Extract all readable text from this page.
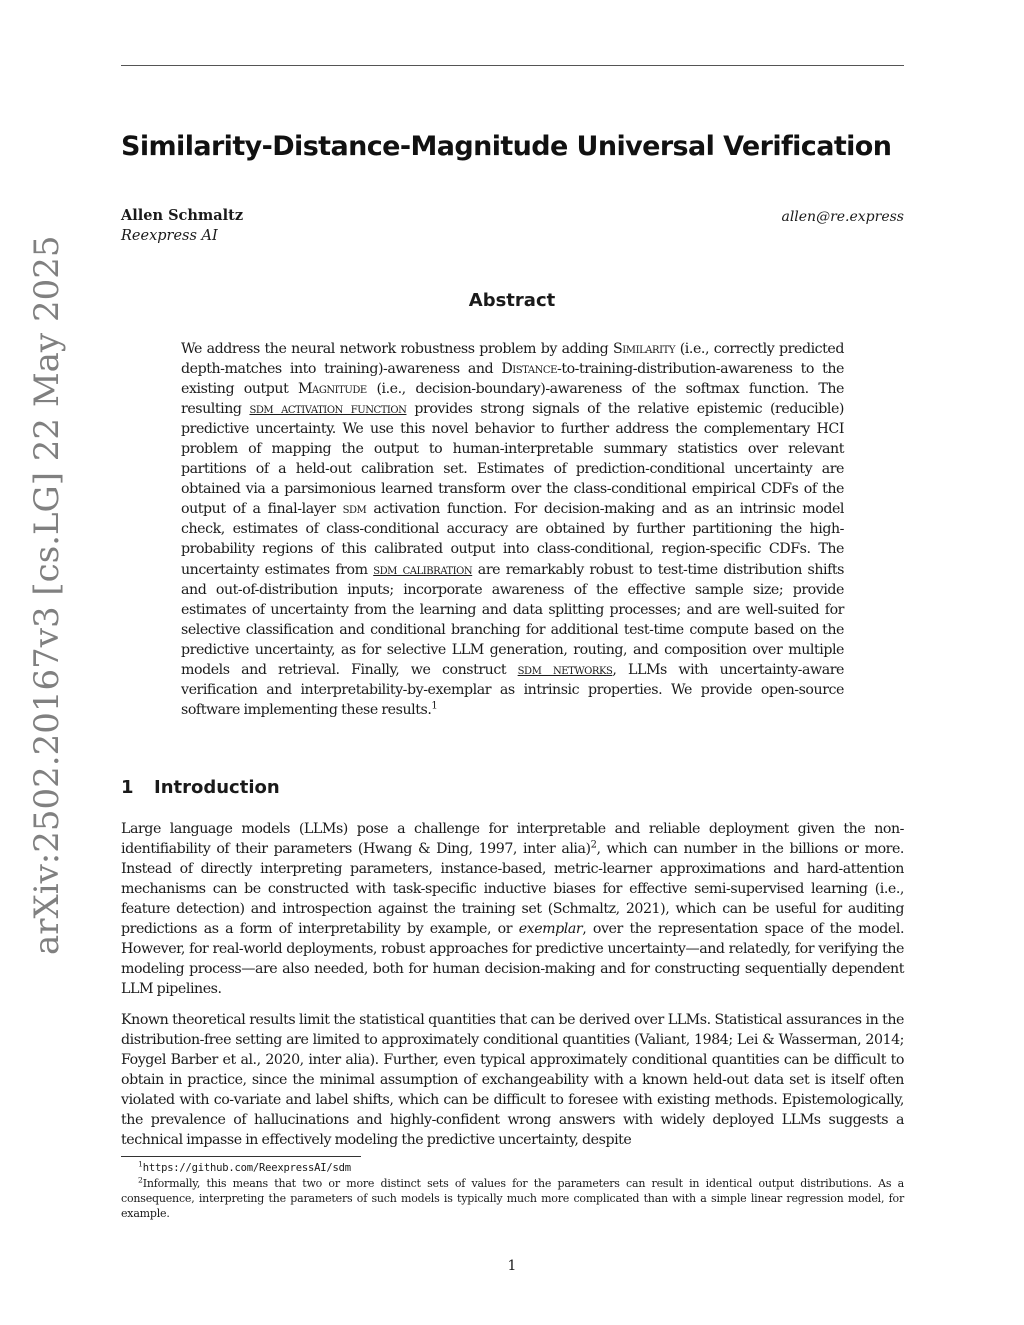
arXiv:2502.20167v3 [cs.LG] 22 May 2025
Similarity-Distance-Magnitude Universal Verification
Allen Schmaltz
Reexpress AI
allen@re.express
Abstract
We address the neural network robustness problem by adding Similarity (i.e., correctly predicted depth-matches into training)-awareness and Distance-to-training-distribution-awareness to the existing output Magnitude (i.e., decision-boundary)-awareness of the softmax function. The resulting sdm activation function provides strong signals of the relative epistemic (reducible) predictive uncertainty. We use this novel behavior to further address the complementary HCI problem of mapping the output to human-interpretable summary statistics over relevant partitions of a held-out calibration set. Estimates of prediction-conditional uncertainty are obtained via a parsimonious learned transform over the class-conditional empirical CDFs of the output of a final-layer sdm activation function. For decision-making and as an intrinsic model check, estimates of class-conditional accuracy are obtained by further partitioning the high-probability regions of this calibrated output into class-conditional, region-specific CDFs. The uncertainty estimates from sdm calibration are remarkably robust to test-time distribution shifts and out-of-distribution inputs; incorporate awareness of the effective sample size; provide estimates of uncertainty from the learning and data splitting processes; and are well-suited for selective classification and conditional branching for additional test-time compute based on the predictive uncertainty, as for selective LLM generation, routing, and composition over multiple models and retrieval. Finally, we construct sdm networks, LLMs with uncertainty-aware verification and interpretability-by-exemplar as intrinsic properties. We provide open-source software implementing these results.$^1$
1 Introduction
Large language models (LLMs) pose a challenge for interpretable and reliable deployment given the non-identifiability of their parameters (Hwang & Ding, 1997, inter alia)$^2$, which can number in the billions or more. Instead of directly interpreting parameters, instance-based, metric-learner approximations and hard-attention mechanisms can be constructed with task-specific inductive biases for effective semi-supervised learning (i.e., feature detection) and introspection against the training set (Schmaltz, 2021), which can be useful for auditing predictions as a form of interpretability by example, or exemplar, over the representation space of the model. However, for real-world deployments, robust approaches for predictive uncertainty—and relatedly, for verifying the modeling process—are also needed, both for human decision-making and for constructing sequentially dependent LLM pipelines.
Known theoretical results limit the statistical quantities that can be derived over LLMs. Statistical assurances in the distribution-free setting are limited to approximately conditional quantities (Valiant, 1984; Lei & Wasserman, 2014; Foygel Barber et al., 2020, inter alia). Further, even typical approximately conditional quantities can be difficult to obtain in practice, since the minimal assumption of exchangeability with a known held-out data set is itself often violated with co-variate and label shifts, which can be difficult to foresee with existing methods. Epistemologically, the prevalence of hallucinations and highly-confident wrong answers with widely deployed LLMs suggests a technical impasse in effectively modeling the predictive uncertainty, despite

$^1$https://github.com/ReexpressAI/sdm

$^2$Informally, this means that two or more distinct sets of values for the parameters can result in identical output distributions. As a consequence, interpreting the parameters of such models is typically much more complicated than with a simple linear regression model, for example.

1
